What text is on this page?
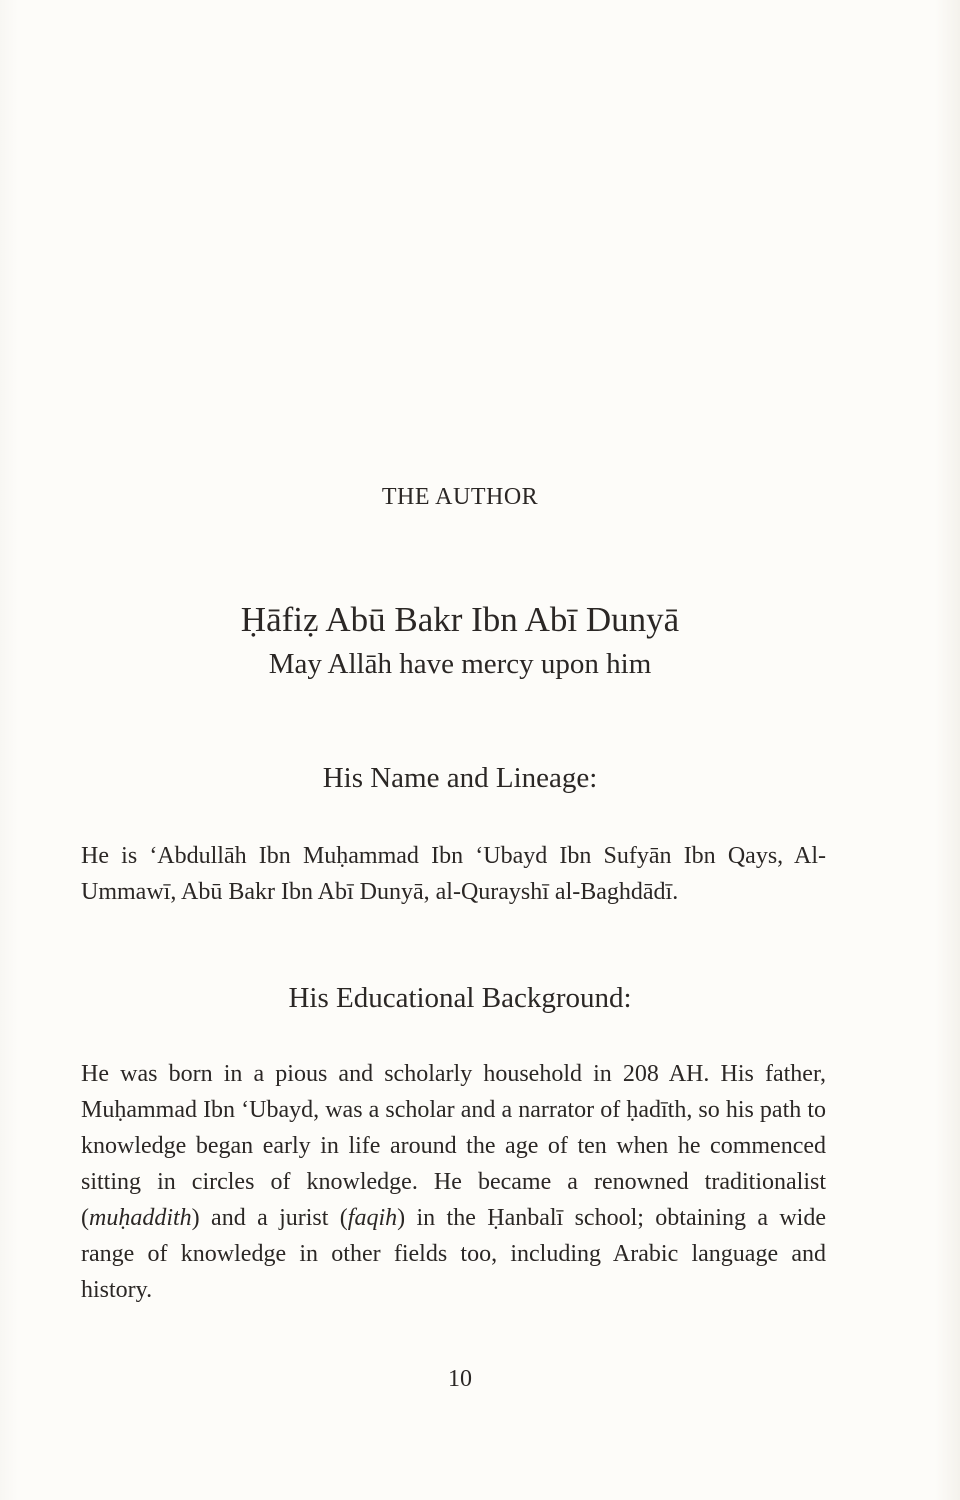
THE AUTHOR
Ḥāfiẓ Abū Bakr Ibn Abī Dunyā
May Allāh have mercy upon him
His Name and Lineage:
He is ‘Abdullāh Ibn Muḥammad Ibn ‘Ubayd Ibn Sufyān Ibn Qays, Al-Ummawī, Abū Bakr Ibn Abī Dunyā, al-Qurayshī al-Baghdādī.
His Educational Background:
He was born in a pious and scholarly household in 208 AH. His father, Muḥammad Ibn ‘Ubayd, was a scholar and a narrator of ḥadīth, so his path to knowledge began early in life around the age of ten when he commenced sitting in circles of knowledge. He became a renowned traditionalist (muḥaddith) and a jurist (faqih) in the Ḥanbalī school; obtaining a wide range of knowledge in other fields too, including Arabic language and history.
10
